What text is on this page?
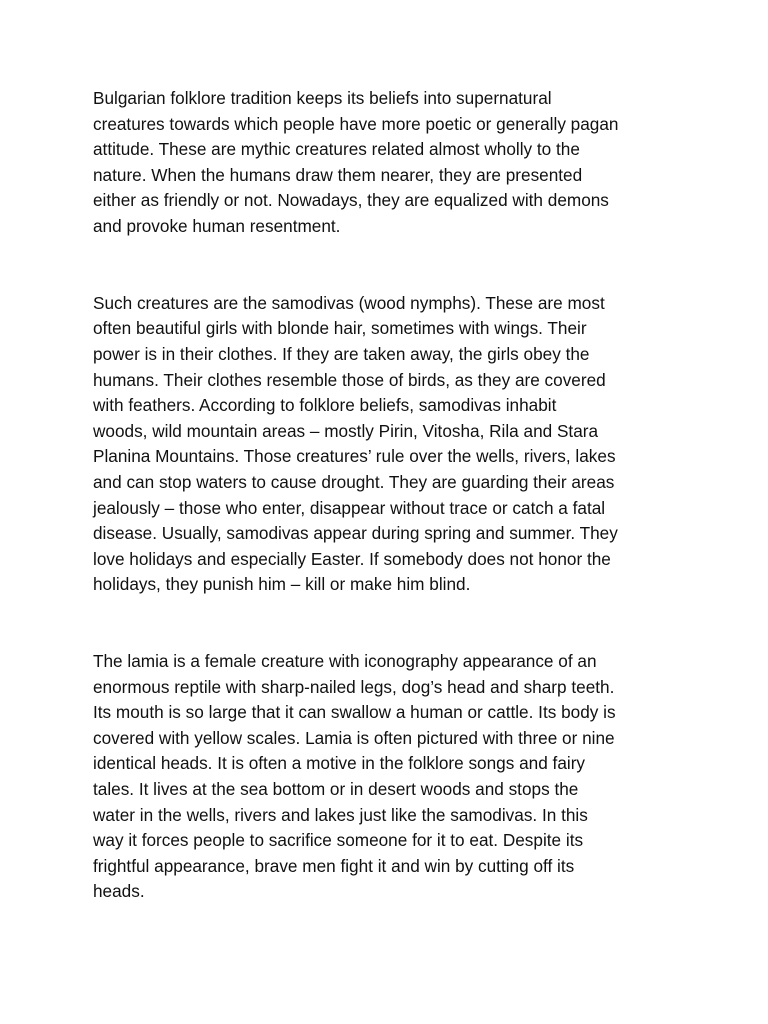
Bulgarian folklore tradition keeps its beliefs into supernatural
creatures towards which people have more poetic or generally pagan
attitude. These are mythic creatures related almost wholly to the
nature. When the humans draw them nearer, they are presented
either as friendly or not. Nowadays, they are equalized with demons
and provoke human resentment.

Such creatures are the samodivas (wood nymphs). These are most
often beautiful girls with blonde hair, sometimes with wings. Their
power is in their clothes. If they are taken away, the girls obey the
humans. Their clothes resemble those of birds, as they are covered
with feathers. According to folklore beliefs, samodivas inhabit
woods, wild mountain areas – mostly Pirin, Vitosha, Rila and Stara
Planina Mountains. Those creatures’ rule over the wells, rivers, lakes
and can stop waters to cause drought. They are guarding their areas
jealously – those who enter, disappear without trace or catch a fatal
disease. Usually, samodivas appear during spring and summer. They
love holidays and especially Easter. If somebody does not honor the
holidays, they punish him – kill or make him blind.

The lamia is a female creature with iconography appearance of an
enormous reptile with sharp-nailed legs, dog’s head and sharp teeth.
Its mouth is so large that it can swallow a human or cattle. Its body is
covered with yellow scales. Lamia is often pictured with three or nine
identical heads. It is often a motive in the folklore songs and fairy
tales. It lives at the sea bottom or in desert woods and stops the
water in the wells, rivers and lakes just like the samodivas. In this
way it forces people to sacrifice someone for it to eat. Despite its
frightful appearance, brave men fight it and win by cutting off its
heads.
